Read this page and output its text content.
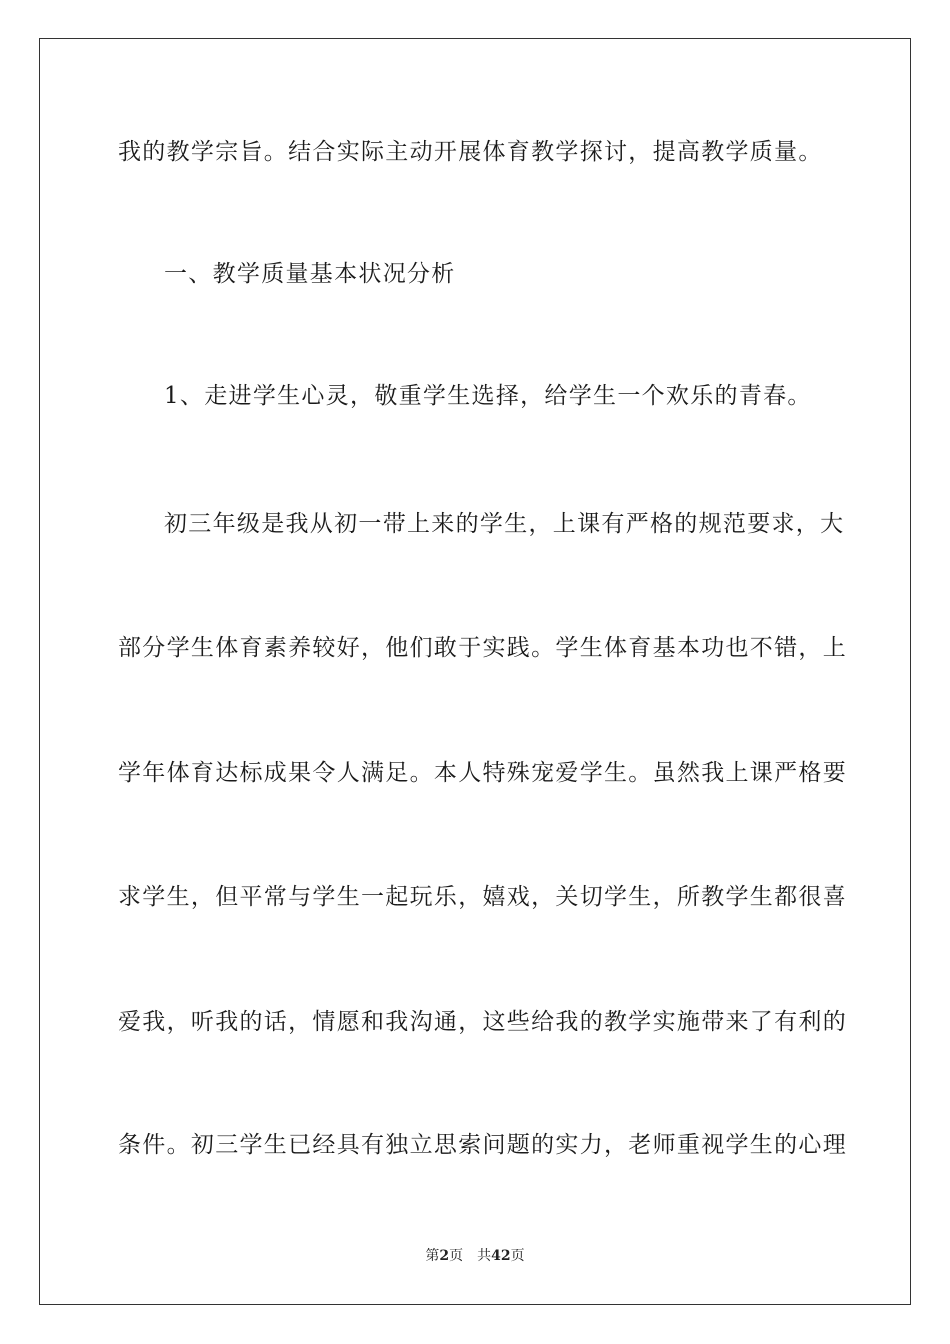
我的教学宗旨。结合实际主动开展体育教学探讨，提高教学质量。
一、教学质量基本状况分析
1、走进学生心灵，敬重学生选择，给学生一个欢乐的青春。
初三年级是我从初一带上来的学生，上课有严格的规范要求，大
部分学生体育素养较好，他们敢于实践。学生体育基本功也不错，上
学年体育达标成果令人满足。本人特殊宠爱学生。虽然我上课严格要
求学生，但平常与学生一起玩乐，嬉戏，关切学生，所教学生都很喜
爱我，听我的话，情愿和我沟通，这些给我的教学实施带来了有利的
条件。初三学生已经具有独立思索问题的实力，老师重视学生的心理
第2页 共42页
